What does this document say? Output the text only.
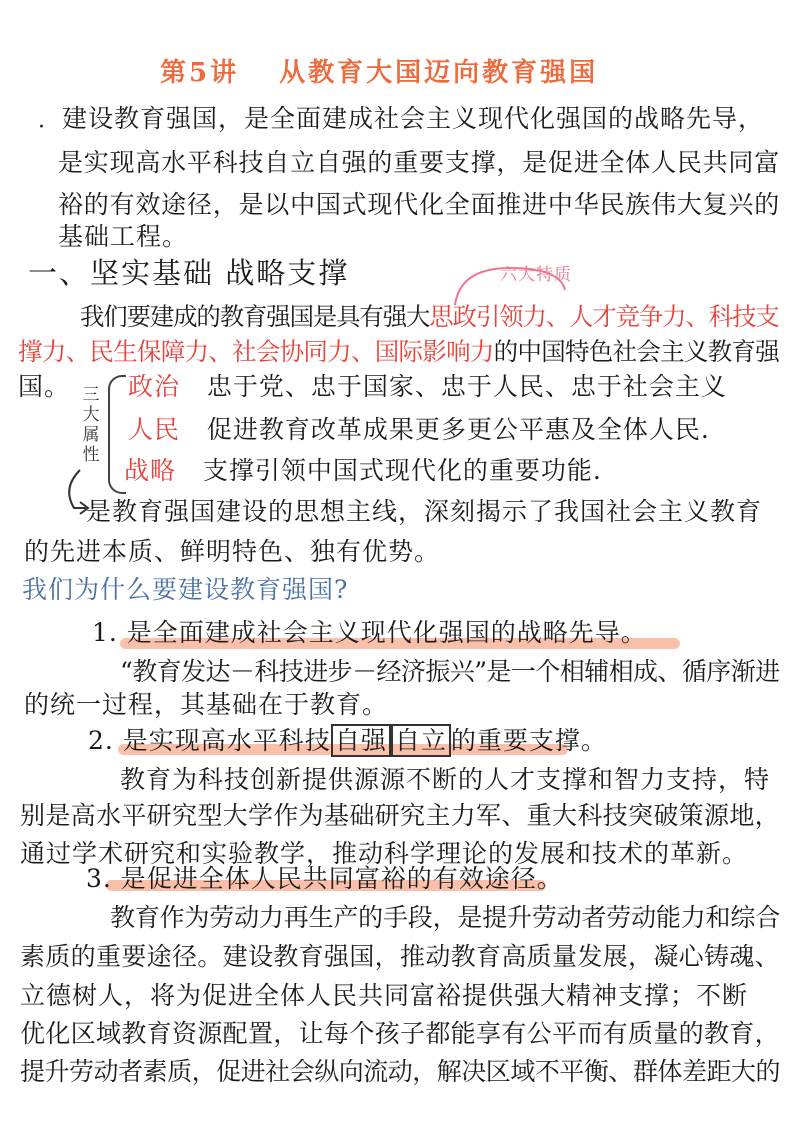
第5讲 从教育大国迈向教育强国
· 建设教育强国，是全面建成社会主义现代化强国的战略先导，
是实现高水平科技自立自强的重要支撑，是促进全体人民共同富
裕的有效途径，是以中国式现代化全面推进中华民族伟大复兴的
基础工程。
一、坚实基础 战略支撑	六大特质
我们要建成的教育强国是具有强大思政引领力、人才竞争力、科技支
撑力、民生保障力、社会协同力、国际影响力的中国特色社会主义教育强
国。 三大属性
政治 忠于党、忠于国家、忠于人民、忠于社会主义
人民 促进教育改革成果更多更公平惠及全体人民.
战略 支撑引领中国式现代化的重要功能.
是教育强国建设的思想主线，深刻揭示了我国社会主义教育
的先进本质、鲜明特色、独有优势。
我们为什么要建设教育强国?
1. 是全面建成社会主义现代化强国的战略先导。
“教育发达－科技进步－经济振兴”是一个相辅相成、循序渐进
的统一过程，其基础在于教育。
2. 是实现高水平科技 自强 自立 的重要支撑。
教育为科技创新提供源源不断的人才支撑和智力支持，特
别是高水平研究型大学作为基础研究主力军、重大科技突破策源地，
通过学术研究和实验教学，推动科学理论的发展和技术的革新。
3. 是促进全体人民共同富裕的有效途径。
教育作为劳动力再生产的手段，是提升劳动者劳动能力和综合
素质的重要途径。建设教育强国，推动教育高质量发展，凝心铸魂、
立德树人，将为促进全体人民共同富裕提供强大精神支撑；不断
优化区域教育资源配置，让每个孩子都能享有公平而有质量的教育，
提升劳动者素质，促进社会纵向流动，解决区域不平衡、群体差距大的
